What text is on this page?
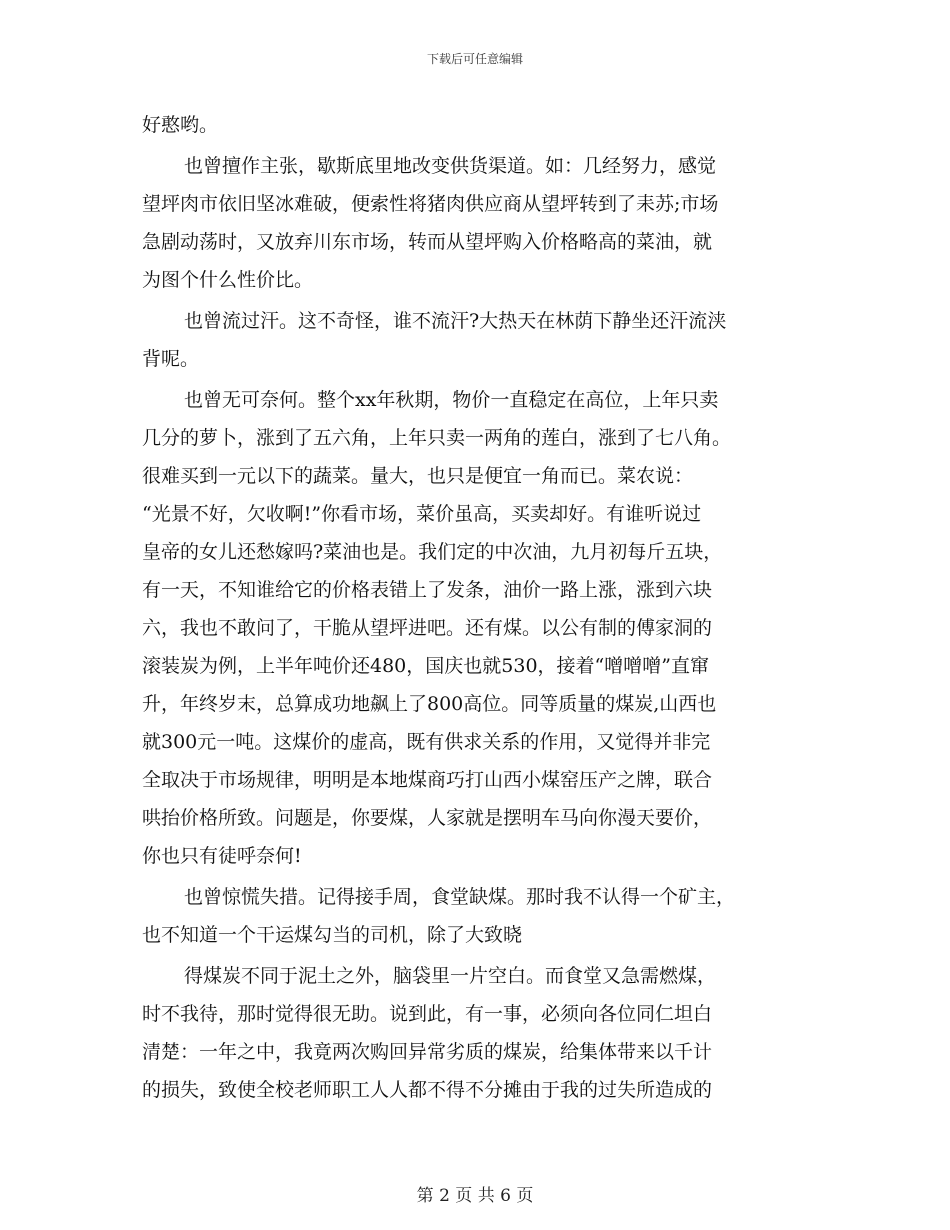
下载后可任意编辑
好憨哟。
也曾擅作主张，歇斯底里地改变供货渠道。如：几经努力，感觉
望坪肉市依旧坚冰难破，便索性将猪肉供应商从望坪转到了耒苏;市场
急剧动荡时，又放弃川东市场，转而从望坪购入价格略高的菜油，就
为图个什么性价比。
也曾流过汗。这不奇怪，谁不流汗?大热天在林荫下静坐还汗流浃
背呢。
也曾无可奈何。整个xx年秋期，物价一直稳定在高位，上年只卖
几分的萝卜，涨到了五六角，上年只卖一两角的莲白，涨到了七八角。
很难买到一元以下的蔬菜。量大，也只是便宜一角而已。菜农说：
“光景不好，欠收啊!”你看市场，菜价虽高，买卖却好。有谁听说过
皇帝的女儿还愁嫁吗?菜油也是。我们定的中次油，九月初每斤五块，
有一天，不知谁给它的价格表错上了发条，油价一路上涨，涨到六块
六，我也不敢问了，干脆从望坪进吧。还有煤。以公有制的傅家洞的
滚装炭为例，上半年吨价还480，国庆也就530，接着“噌噌噌”直窜
升，年终岁末，总算成功地飙上了800高位。同等质量的煤炭,山西也
就300元一吨。这煤价的虚高，既有供求关系的作用，又觉得并非完
全取决于市场规律，明明是本地煤商巧打山西小煤窑压产之牌，联合
哄抬价格所致。问题是，你要煤，人家就是摆明车马向你漫天要价，
你也只有徒呼奈何!
也曾惊慌失措。记得接手周，食堂缺煤。那时我不认得一个矿主，
也不知道一个干运煤勾当的司机，除了大致晓
得煤炭不同于泥土之外，脑袋里一片空白。而食堂又急需燃煤，
时不我待，那时觉得很无助。说到此，有一事，必须向各位同仁坦白
清楚：一年之中，我竟两次购回异常劣质的煤炭，给集体带来以千计
的损失，致使全校老师职工人人都不得不分摊由于我的过失所造成的
第 2 页 共 6 页
